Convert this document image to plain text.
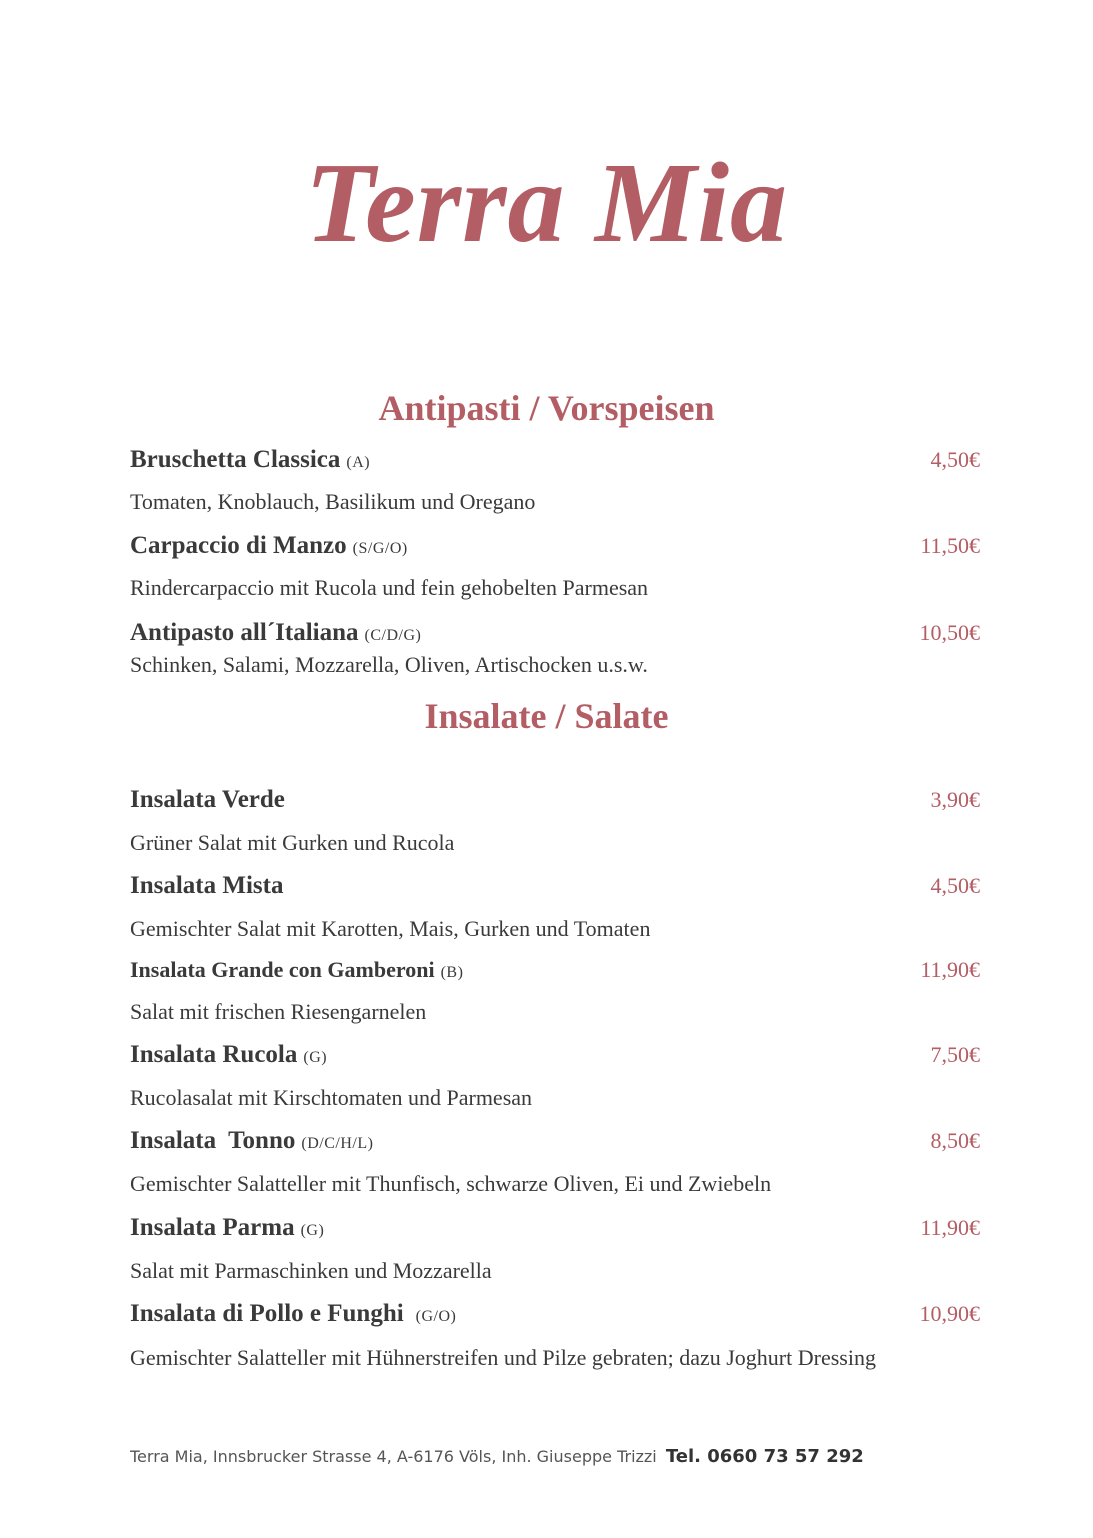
Terra Mia
Antipasti / Vorspeisen
Bruschetta Classica (A)	4,50€
Tomaten, Knoblauch, Basilikum und Oregano
Carpaccio di Manzo (S/G/O)	11,50€
Rindercarpaccio mit Rucola und fein gehobelten Parmesan
Antipasto all´Italiana (C/D/G)	10,50€
Schinken, Salami, Mozzarella, Oliven, Artischocken u.s.w.
Insalate / Salate
Insalata Verde	3,90€
Grüner Salat mit Gurken und Rucola
Insalata Mista	4,50€
Gemischter Salat mit Karotten, Mais, Gurken und Tomaten
Insalata Grande con Gamberoni (B)	11,90€
Salat mit frischen Riesengarnelen
Insalata Rucola (G)	7,50€
Rucolasalat mit Kirschtomaten und Parmesan
Insalata  Tonno (D/C/H/L)	8,50€
Gemischter Salatteller mit Thunfisch, schwarze Oliven, Ei und Zwiebeln
Insalata Parma (G)	11,90€
Salat mit Parmaschinken und Mozzarella
Insalata di Pollo e Funghi (G/O)	10,90€
Gemischter Salatteller mit Hühnerstreifen und Pilze gebraten; dazu Joghurt Dressing
Terra Mia, Innsbrucker Strasse 4, A-6176 Völs, Inh. Giuseppe Trizzi Tel. 0660 73 57 292
